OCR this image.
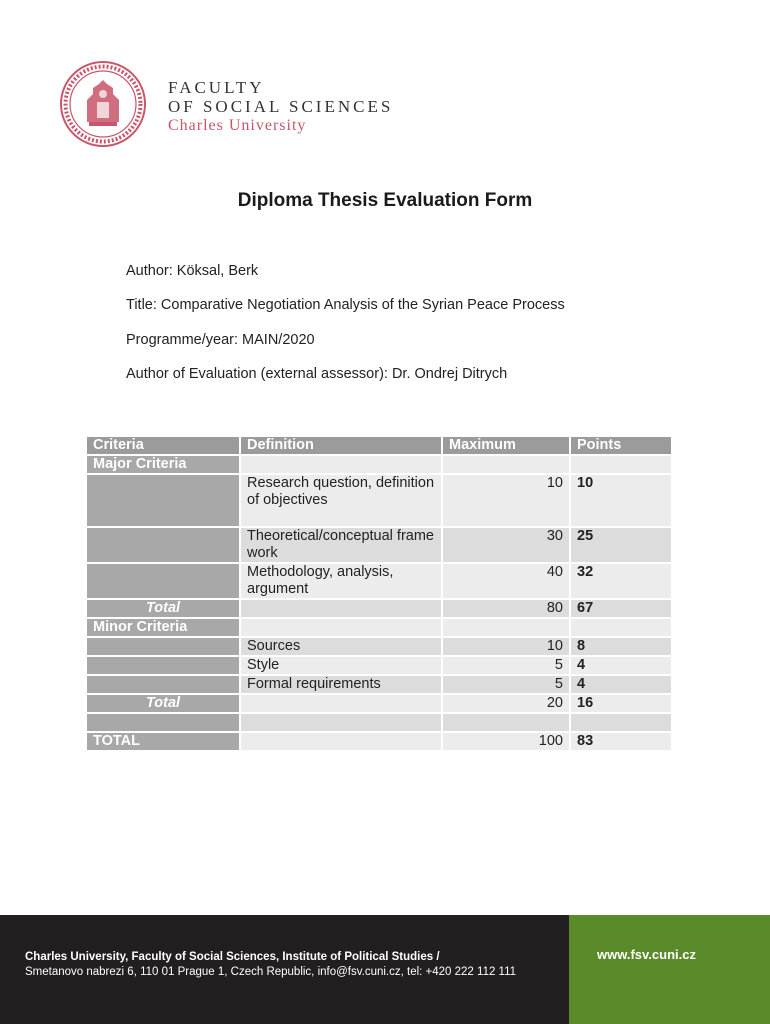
FACULTY
OF SOCIAL SCIENCES
Charles University
Diploma Thesis Evaluation Form
Author: Köksal, Berk
Title: Comparative Negotiation Analysis of the Syrian Peace Process
Programme/year: MAIN/2020
Author of Evaluation (external assessor): Dr. Ondrej Ditrych
Criteria	Definition	Maximum	Points
Major Criteria			
	Research question, definition of objectives	10	10
	Theoretical/conceptual framework	30	25
	Methodology, analysis, argument	40	32
Total		80	67
Minor Criteria			
	Sources	10	8
	Style	5	4
	Formal requirements	5	4
Total		20	16

TOTAL		100	83
Charles University, Faculty of Social Sciences, Institute of Political Studies /
Smetanovo nabrezi 6, 110 01 Prague 1, Czech Republic, info@fsv.cuni.cz, tel: +420 222 112 111
www.fsv.cuni.cz
